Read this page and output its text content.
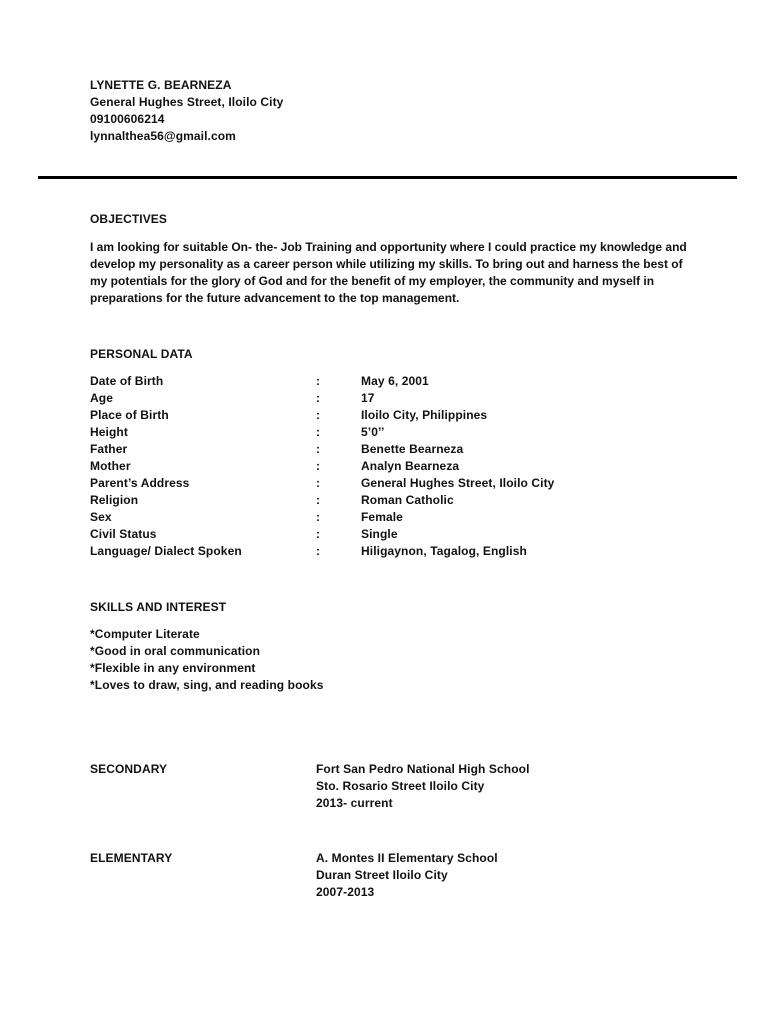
LYNETTE G. BEARNEZA
General Hughes Street, Iloilo City
09100606214
lynnalthea56@gmail.com
OBJECTIVES
I am looking for suitable On- the- Job Training and opportunity where I could practice my knowledge and develop my personality as a career person while utilizing my skills. To bring out and harness the best of my potentials for the glory of God and for the benefit of my employer, the community and myself in preparations for the future advancement to the top management.
PERSONAL DATA
Date of Birth	:	May 6, 2001
Age	:	17
Place of Birth	:	Iloilo City, Philippines
Height	:	5’0’’
Father	:	Benette Bearneza
Mother	:	Analyn Bearneza
Parent’s Address	:	General Hughes Street, Iloilo City
Religion	:	Roman Catholic
Sex	:	Female
Civil Status	:	Single
Language/ Dialect Spoken	:	Hiligaynon, Tagalog, English
SKILLS AND INTEREST
*Computer Literate
*Good in oral communication
*Flexible in any environment
*Loves to draw, sing, and reading books
SECONDARY	Fort San Pedro National High School
Sto. Rosario Street Iloilo City
2013- current
ELEMENTARY	A. Montes II Elementary School
Duran Street Iloilo City
2007-2013
